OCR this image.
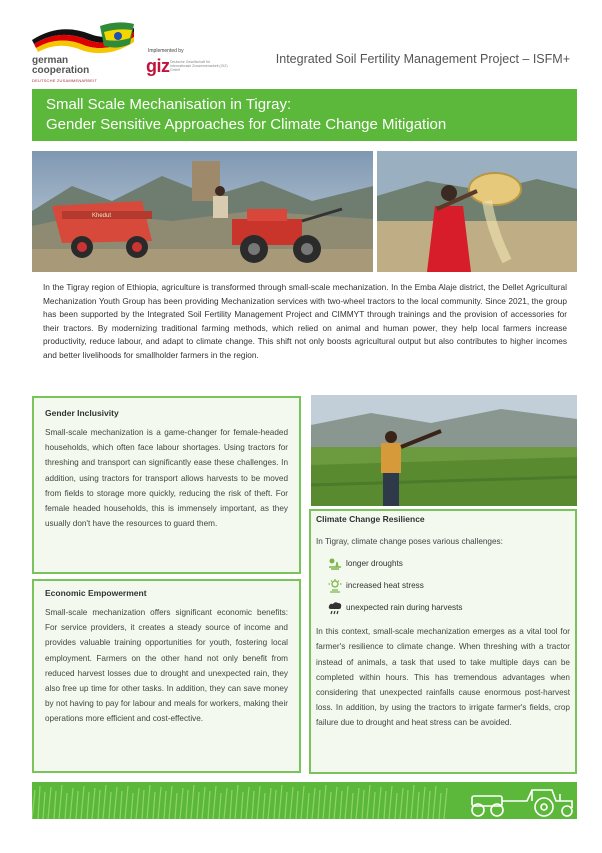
german cooperation
DEUTSCHE ZUSAMMENARBEIT
Implemented by
giz Deutsche Gesellschaft für Internationale Zusammenarbeit (GIZ) GmbH
Integrated Soil Fertility Management Project – ISFM+
Small Scale Mechanisation in Tigray:
Gender Sensitive Approaches for Climate Change Mitigation
Khedut
In the Tigray region of Ethiopia, agriculture is transformed through small-scale mechanization. In the Emba Alaje district, the Dellet Agricultural Mechanization Youth Group has been providing Mechanization services with two-wheel tractors to the local community. Since 2021, the group has been supported by the Integrated Soil Fertility Management Project and CIMMYT through trainings and the provision of accessories for their tractors. By modernizing traditional farming methods, which relied on animal and human power, they help local farmers increase productivity, reduce labour, and adapt to climate change. This shift not only boosts agricultural output but also contributes to higher incomes and better livelihoods for smallholder farmers in the region.
Gender Inclusivity
Small-scale mechanization is a game-changer for female-headed households, which often face labour shortages. Using tractors for threshing and transport can significantly ease these challenges. In addition, using tractors for transport allows harvests to be moved from fields to storage more quickly, reducing the risk of theft. For female headed households, this is immensely important, as they usually don't have the resources to guard them.
Economic Empowerment
Small-scale mechanization offers significant economic benefits: For service providers, it creates a steady source of income and provides valuable training opportunities for youth, fostering local employment. Farmers on the other hand not only benefit from reduced harvest losses due to drought and unexpected rain, they also free up time for other tasks. In addition, they can save money by not having to pay for labour and meals for workers, making their operations more efficient and cost-effective.
Climate Change Resilience
In Tigray, climate change poses various challenges:
longer droughts
increased heat stress
unexpected rain during harvests
In this context, small-scale mechanization emerges as a vital tool for farmer's resilience to climate change. When threshing with a tractor instead of animals, a task that used to take multiple days can be completed within hours. This has tremendous advantages when considering that unexpected rainfalls cause enormous post-harvest loss. In addition, by using the tractors to irrigate farmer's fields, crop failure due to drought and heat stress can be avoided.
